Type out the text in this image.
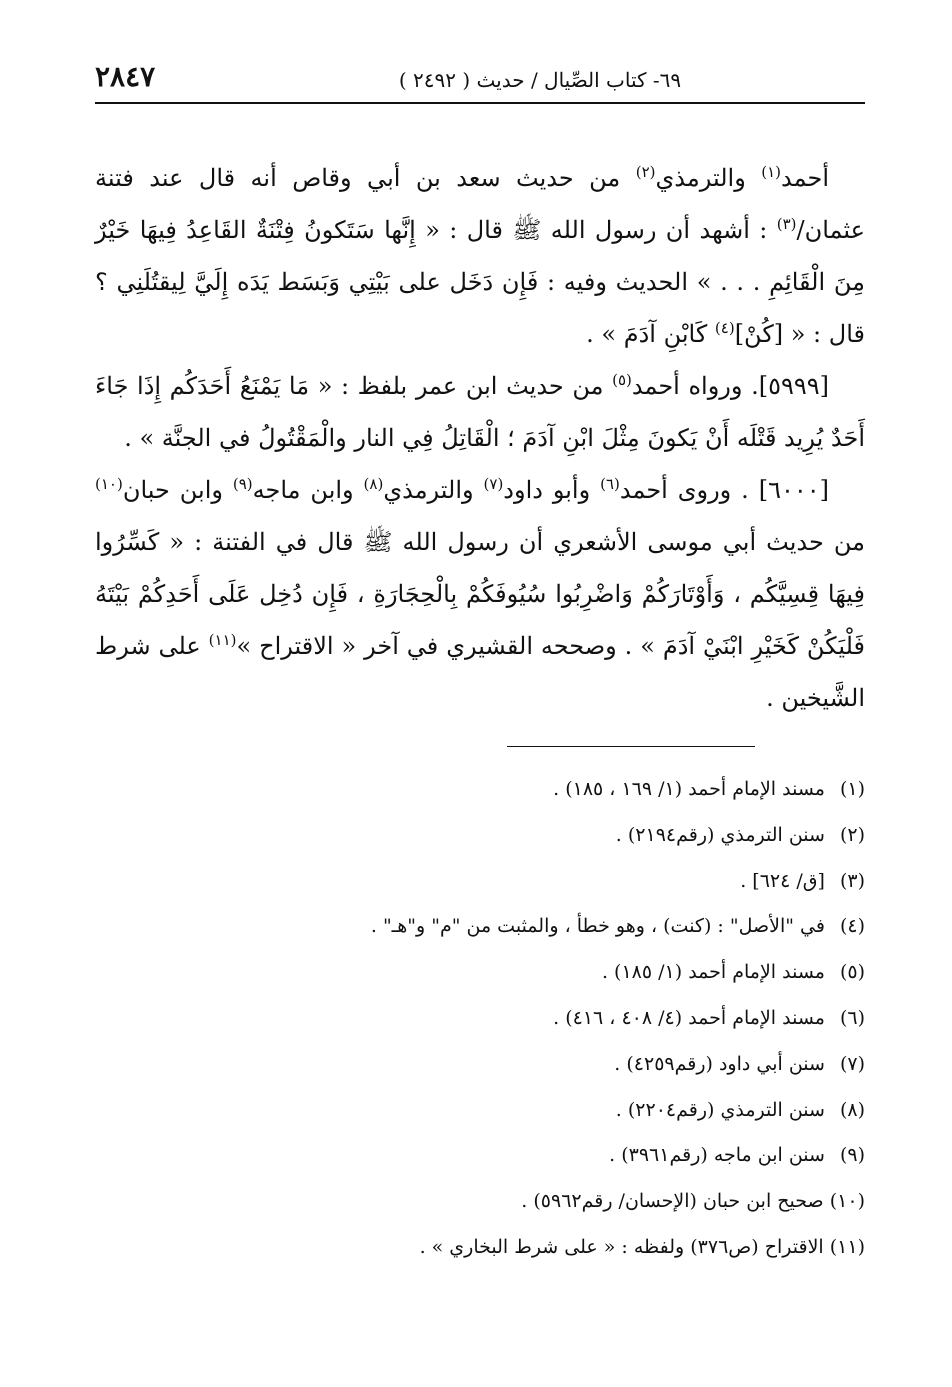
٦٩- كتاب الصِّيال / حديث ( ٢٤٩٢ )
٢٨٤٧

أحمد$^{(١)}$ والترمذي$^{(٢)}$ من حديث سعد بن أبي وقاص أنه قال عند فتنة عثمان/$^{(٣)}$ : أشهد أن رسول الله ﷺ قال : « إِنَّها سَتَكونُ فِتْنَةٌ القَاعِدُ فِيهَا خَيْرٌ مِنَ الْقَائِمِ . . . » الحديث وفيه : فَإِن دَخَل على بَيْتِي وَبَسَط يَدَه إِلَيَّ لِيقتُلَنِي ؟ قال : « [كُنْ]$^{(٤)}$ كَابْنِ آدَمَ » .

[٥٩٩٩]. ورواه أحمد$^{(٥)}$ من حديث ابن عمر بلفظ : « مَا يَمْنَعُ أَحَدَكُم إِذَا جَاءَ أَحَدٌ يُرِيد قَتْلَه أَنْ يَكونَ مِثْلَ ابْنِ آدَمَ ؛ الْقَاتِلُ فِي النار والْمَقْتُولُ في الجنَّة » .

[٦٠٠٠] . وروى أحمد$^{(٦)}$ وأبو داود$^{(٧)}$ والترمذي$^{(٨)}$ وابن ماجه$^{(٩)}$ وابن حبان$^{(١٠)}$ من حديث أبي موسى الأشعري أن رسول الله ﷺ قال في الفتنة : « كَسِّرُوا فِيهَا قِسِيَّكُم ، وَأَوْتَارَكُمْ وَاضْرِبُوا سُيُوفَكُمْ بِالْحِجَارَةِ ، فَإِن دُخِل عَلَى أَحَدِكُمْ بَيْتَهُ فَلْيَكُنْ كَخَيْرِ ابْنَيْ آدَمَ » . وصححه القشيري في آخر « الاقتراح »$^{(١١)}$ على شرط الشَّيخين .

(١) مسند الإمام أحمد (١/ ١٦٩ ، ١٨٥) .

(٢) سنن الترمذي (رقم٢١٩٤) .

(٣) [ق/ ٦٢٤] .

(٤) في "الأصل" : (كنت) ، وهو خطأ ، والمثبت من "م" و"هـ" .

(٥) مسند الإمام أحمد (١/ ١٨٥) .

(٦) مسند الإمام أحمد (٤/ ٤٠٨ ، ٤١٦) .

(٧) سنن أبي داود (رقم٤٢٥٩) .

(٨) سنن الترمذي (رقم٢٢٠٤) .

(٩) سنن ابن ماجه (رقم٣٩٦١) .

(١٠) صحيح ابن حبان (الإحسان/ رقم٥٩٦٢) .

(١١) الاقتراح (ص٣٧٦) ولفظه : « على شرط البخاري » .
